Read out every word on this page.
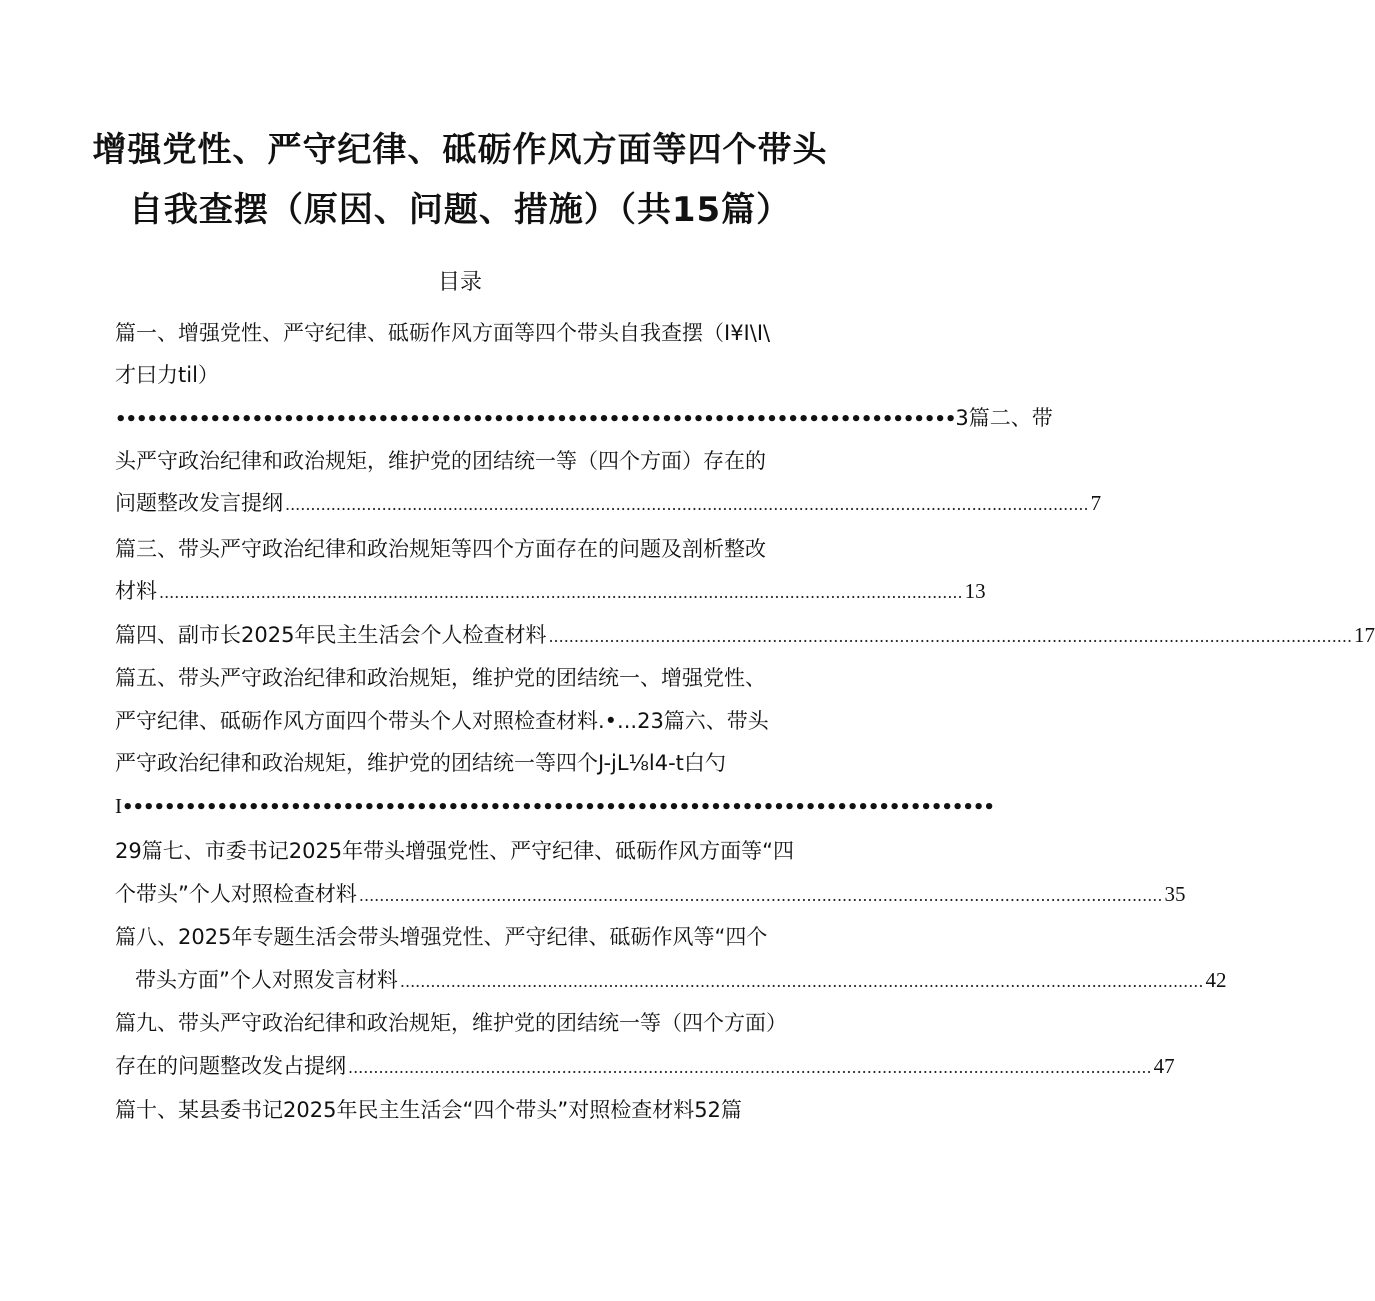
增强党性、严守纪律、砥砺作风方面等四个带头
自我查摆（原因、问题、措施）（共15篇）
目录
篇一、增强党性、严守纪律、砥砺作风方面等四个带头自我查摆（I¥I\I\
才曰力til）
•••••••••••••••••••••••••••••••••••••••••••••••••••••••••••••••••••••••••••••••• 3篇二、带
头严守政治纪律和政治规矩，维护党的团结统一等（四个方面）存在的
问题整改发言提纲 .............................................................................................................................................................. 7
篇三、带头严守政治纪律和政治规矩等四个方面存在的问题及剖析整改
材料 .............................................................................................................................................................. 13
篇四、副市长2025年民主生活会个人检查材料 .............................................................................................................................................................. 17
篇五、带头严守政治纪律和政治规矩，维护党的团结统一、增强党性、
严守纪律、砥砺作风方面四个带头个人对照检查材料.•...23篇六、带头
严守政治纪律和政治规矩，维护党的团结统一等四个J-jL⅛l4-t白勺
I •••••••••••••••••••••••••••••••••••••••••••••••••••••••••••••••••••••••••••••••••••
29篇七、市委书记2025年带头增强党性、严守纪律、砥砺作风方面等“四
个带头”个人对照检查材料 .............................................................................................................................................................. 35
篇八、2025年专题生活会带头增强党性、严守纪律、砥砺作风等“四个
带头方面”个人对照发言材料 .............................................................................................................................................................. 42
篇九、带头严守政治纪律和政治规矩，维护党的团结统一等（四个方面）
存在的问题整改发占提纲 .............................................................................................................................................................. 47
篇十、某县委书记2025年民主生活会“四个带头”对照检查材料52篇
